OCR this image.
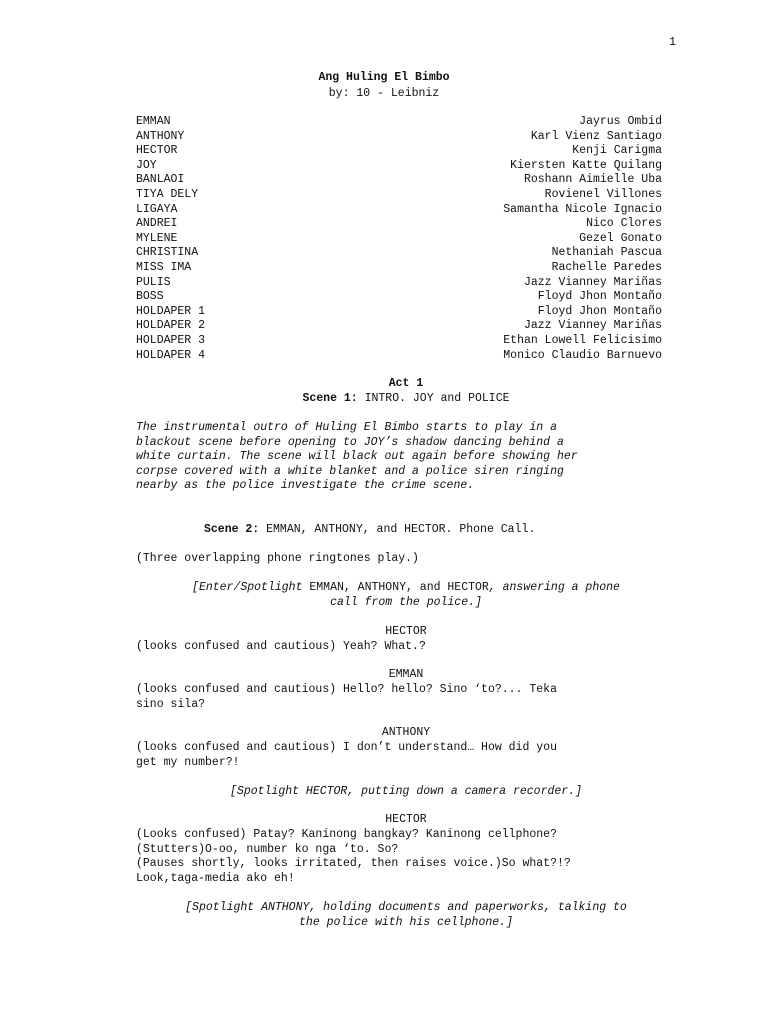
1
Ang Huling El Bimbo
by: 10 - Leibniz
EMMAN	Jayrus Ombid
ANTHONY	Karl Vienz Santiago
HECTOR	Kenji Carigma
JOY	Kiersten Katte Quilang
BANLAOI	Roshann Aimielle Uba
TIYA DELY	Rovienel Villones
LIGAYA	Samantha Nicole Ignacio
ANDREI	Nico Clores
MYLENE	Gezel Gonato
CHRISTINA	Nethaniah Pascua
MISS IMA	Rachelle Paredes
PULIS	Jazz Vianney Mariñas
BOSS	Floyd Jhon Montaño
HOLDAPER 1	Floyd Jhon Montaño
HOLDAPER 2	Jazz Vianney Mariñas
HOLDAPER 3	Ethan Lowell Felicisimo
HOLDAPER 4	Monico Claudio Barnuevo
Act 1
Scene 1: INTRO. JOY and POLICE
The instrumental outro of Huling El Bimbo starts to play in a
blackout scene before opening to JOY’s shadow dancing behind a
white curtain. The scene will black out again before showing her
corpse covered with a white blanket and a police siren ringing
nearby as the police investigate the crime scene.
Scene 2: EMMAN, ANTHONY, and HECTOR. Phone Call.
(Three overlapping phone ringtones play.)
[Enter/Spotlight EMMAN, ANTHONY, and HECTOR, answering a phone
call from the police.]
HECTOR
(looks confused and cautious) Yeah? What.?
EMMAN
(looks confused and cautious) Hello? hello? Sino ‘to?... Teka
sino sila?
ANTHONY
(looks confused and cautious) I don’t understand… How did you
get my number?!
[Spotlight HECTOR, putting down a camera recorder.]
HECTOR
(Looks confused) Patay? Kaninong bangkay? Kaninong cellphone?
(Stutters)O-oo, number ko nga ‘to. So?
(Pauses shortly, looks irritated, then raises voice.)So what?!?
Look,taga-media ako eh!
[Spotlight ANTHONY, holding documents and paperworks, talking to
the police with his cellphone.]
